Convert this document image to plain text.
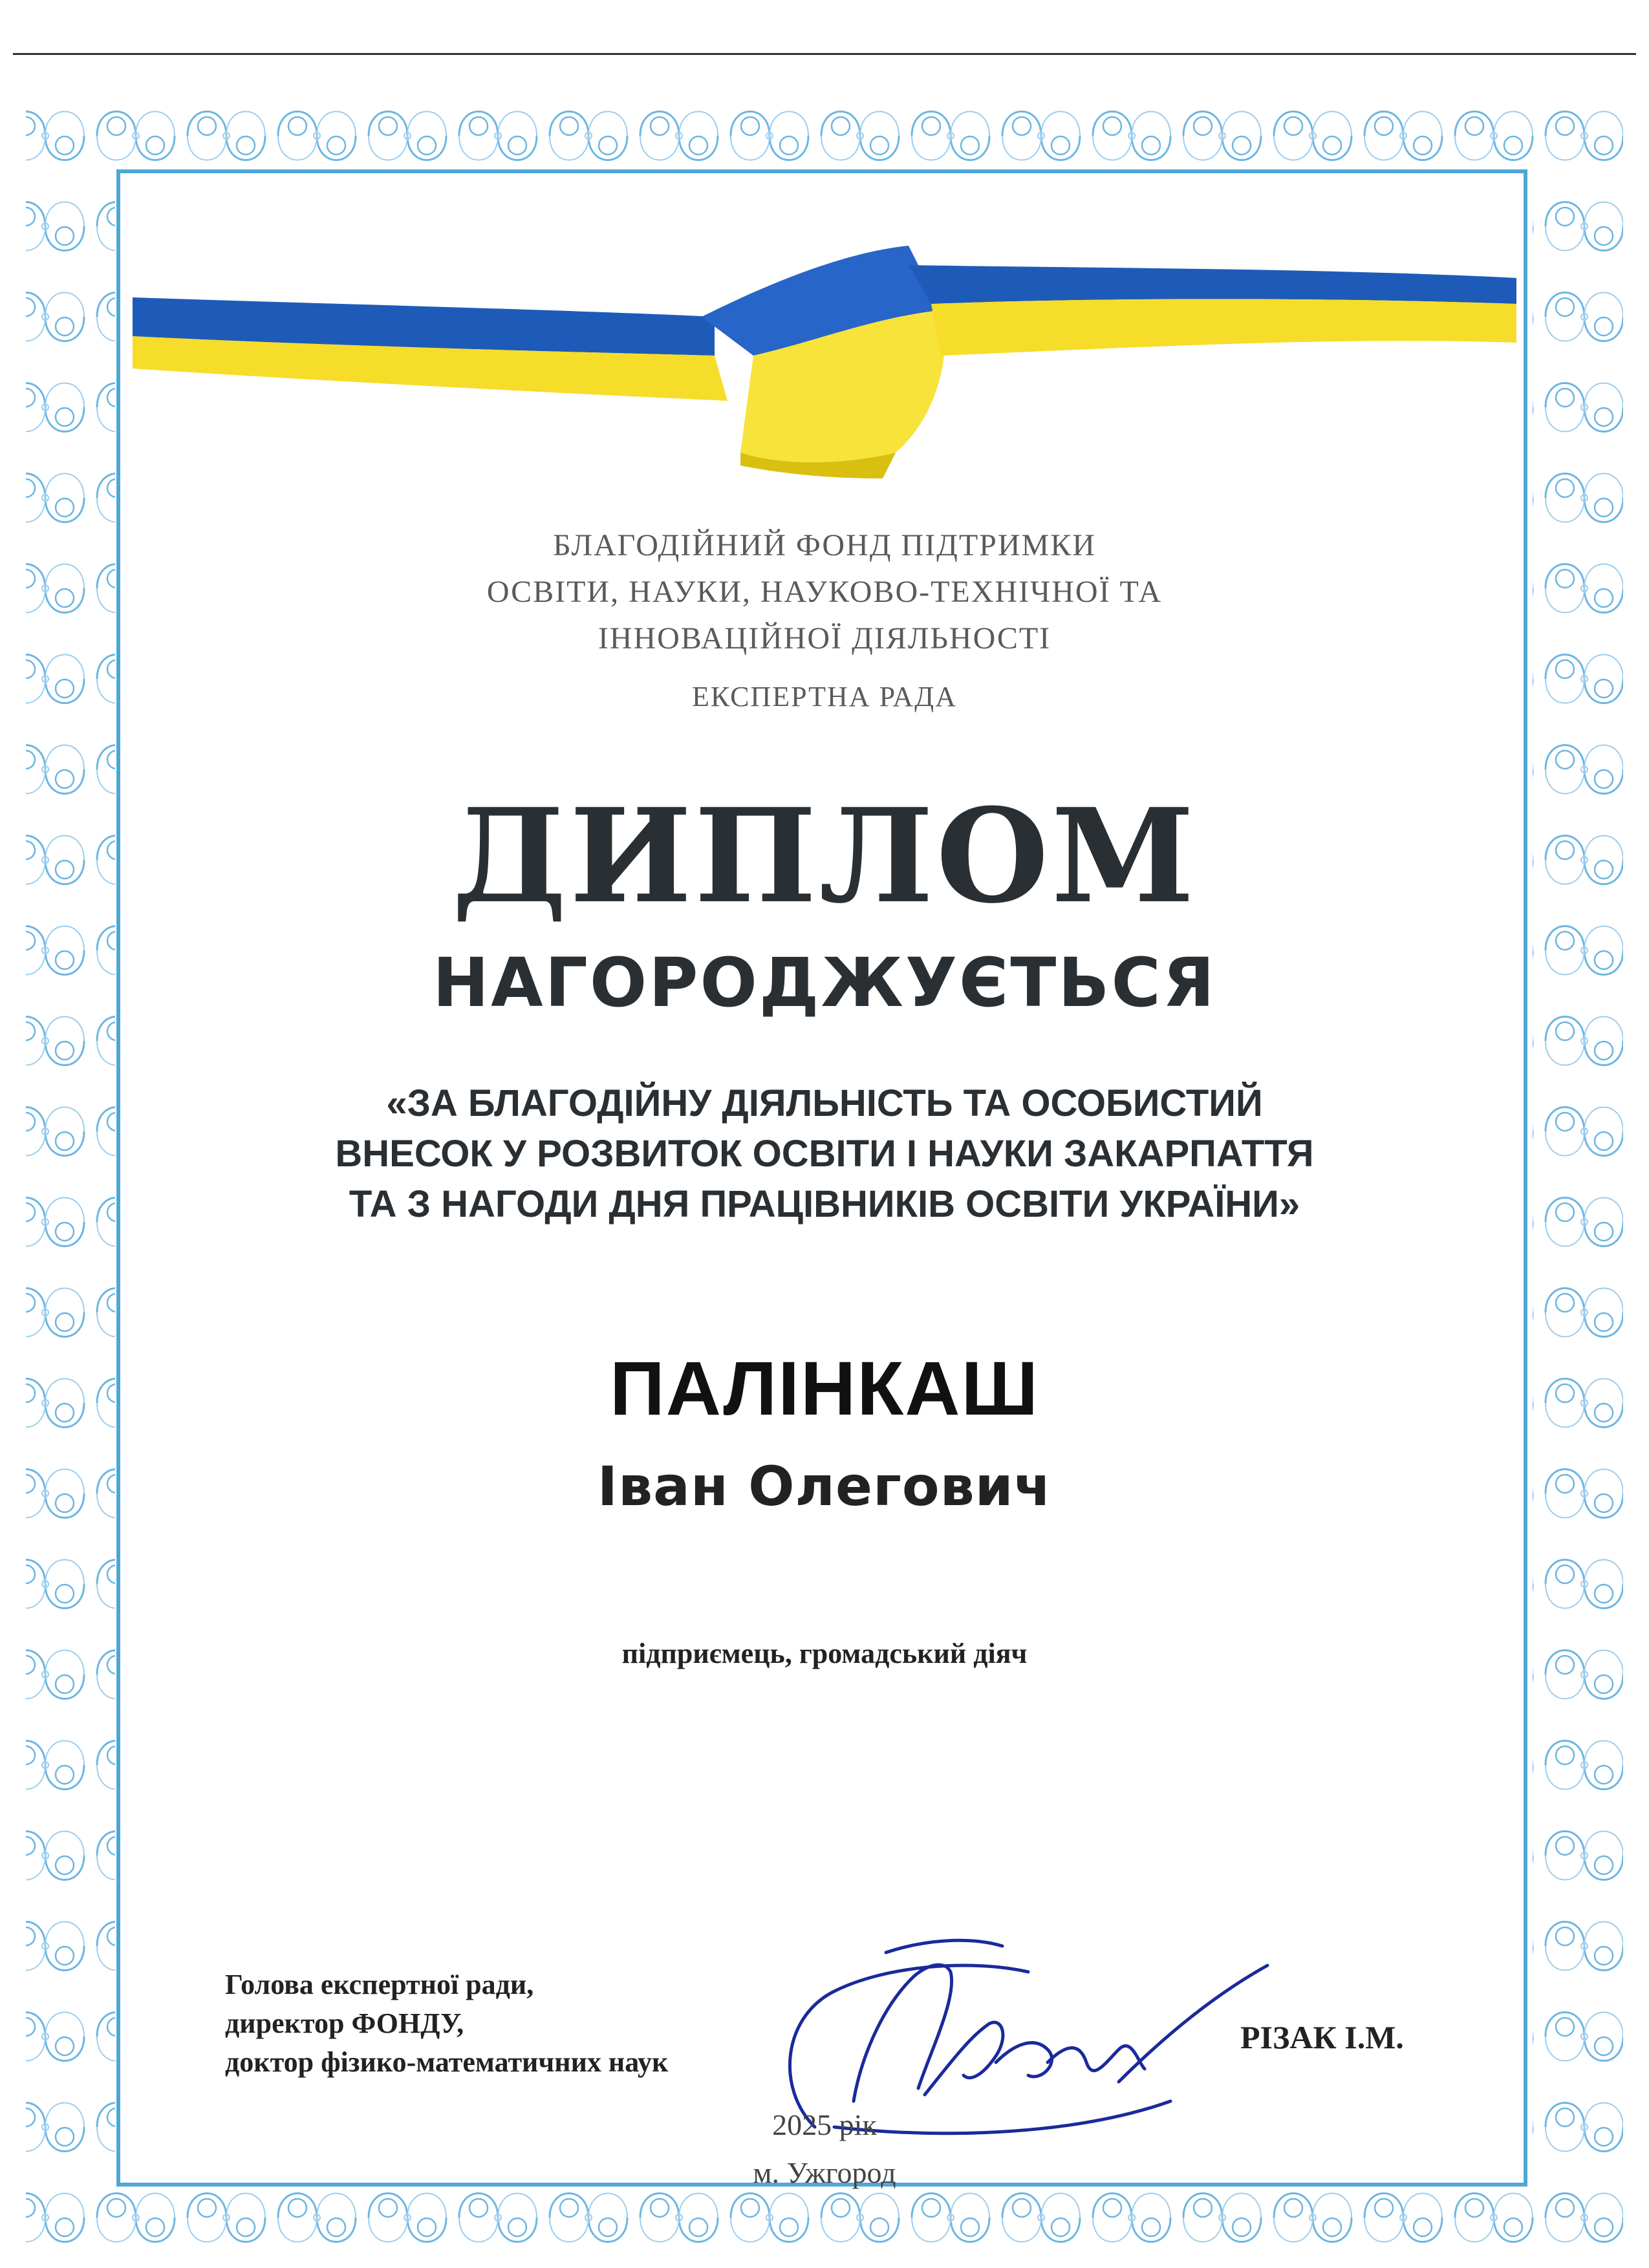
БЛАГОДІЙНИЙ ФОНД ПІДТРИМКИ
ОСВІТИ, НАУКИ, НАУКОВО-ТЕХНІЧНОЇ ТА
ІННОВАЦІЙНОЇ ДІЯЛЬНОСТІ
ЕКСПЕРТНА РАДА
ДИПЛОМ
НАГОРОДЖУЄТЬСЯ
«ЗА БЛАГОДІЙНУ ДІЯЛЬНІСТЬ ТА ОСОБИСТИЙ
ВНЕСОК У РОЗВИТОК ОСВІТИ І НАУКИ ЗАКАРПАТТЯ
ТА З НАГОДИ ДНЯ ПРАЦІВНИКІВ ОСВІТИ УКРАЇНИ»
ПАЛІНКАШ
Іван Олегович
підприємець, громадський діяч
Голова експертної ради,
директор ФОНДУ,
доктор фізико-математичних наук
РІЗАК І.М.
2025 рік
м. Ужгород
